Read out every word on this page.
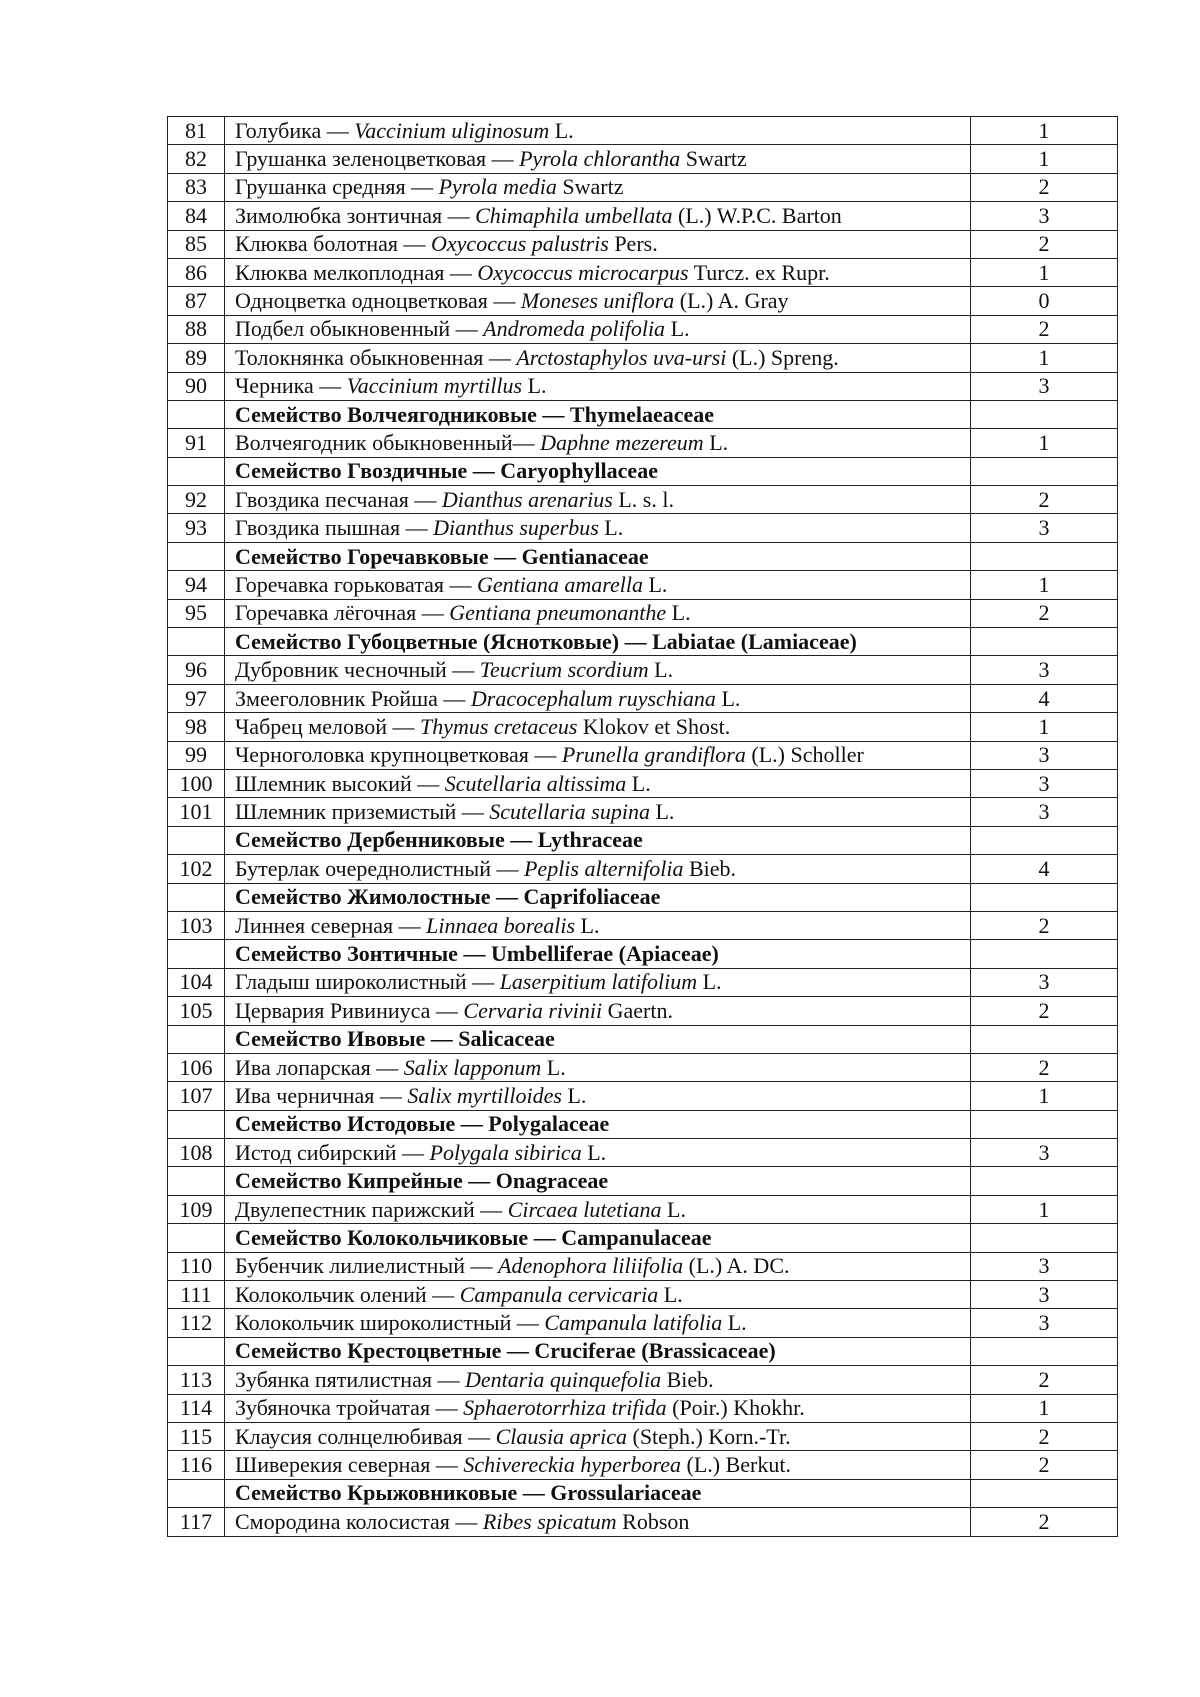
81	Голубика — Vaccinium uliginosum L.	1
82	Грушанка зеленоцветковая — Pyrola chlorantha Swartz	1
83	Грушанка средняя — Pyrola media Swartz	2
84	Зимолюбка зонтичная — Chimaphila umbellata (L.) W.P.C. Barton	3
85	Клюква болотная — Oxycoccus palustris Pers.	2
86	Клюква мелкоплодная — Oxycoccus microcarpus Turcz. ex Rupr.	1
87	Одноцветка одноцветковая — Moneses uniflora (L.) A. Gray	0
88	Подбел обыкновенный — Andromeda polifolia L.	2
89	Толокнянка обыкновенная — Arctostaphylos uva-ursi (L.) Spreng.	1
90	Черника — Vaccinium myrtillus L.	3
	Семейство Волчеягодниковые — Thymelaeaceae	
91	Волчеягодник обыкновенный— Daphne mezereum L.	1
	Семейство Гвоздичные — Caryophyllaceae	
92	Гвоздика песчаная — Dianthus arenarius L. s. l.	2
93	Гвоздика пышная — Dianthus superbus L.	3
	Семейство Горечавковые — Gentianaceae	
94	Горечавка горьковатая — Gentiana amarella L.	1
95	Горечавка лёгочная — Gentiana pneumonanthe L.	2
	Семейство Губоцветные (Яснотковые) — Labiatae (Lamiaceae)	
96	Дубровник чесночный — Teucrium scordium L.	3
97	Змееголовник Рюйша — Dracocephalum ruyschiana L.	4
98	Чабрец меловой — Thymus cretaceus Klokov et Shost.	1
99	Черноголовка крупноцветковая — Prunella grandiflora (L.) Scholler	3
100	Шлемник высокий — Scutellaria altissima L.	3
101	Шлемник приземистый — Scutellaria supina L.	3
	Семейство Дербенниковые — Lythraceae	
102	Бутерлак очереднолистный — Peplis alternifolia Bieb.	4
	Семейство Жимолостные — Caprifoliaceae	
103	Линнея северная — Linnaea borealis L.	2
	Семейство Зонтичные — Umbelliferae (Apiaceae)	
104	Гладыш широколистный — Laserpitium latifolium L.	3
105	Цервария Ривиниуса — Cervaria rivinii Gaertn.	2
	Семейство Ивовые — Salicaceae	
106	Ива лопарская — Salix lapponum L.	2
107	Ива черничная — Salix myrtilloides L.	1
	Семейство Истодовые — Polygalaceae	
108	Истод сибирский — Polygala sibirica L.	3
	Семейство Кипрейные — Onagraceae	
109	Двулепестник парижский — Circaea lutetiana L.	1
	Семейство Колокольчиковые — Campanulaceae	
110	Бубенчик лилиелистный — Adenophora liliifolia (L.) A. DC.	3
111	Колокольчик олений — Campanula cervicaria L.	3
112	Колокольчик широколистный — Campanula latifolia L.	3
	Семейство Крестоцветные — Cruciferae (Brassicaceae)	
113	Зубянка пятилистная — Dentaria quinquefolia Bieb.	2
114	Зубяночка тройчатая — Sphaerotorrhiza trifida (Poir.) Khokhr.	1
115	Клаусия солнцелюбивая — Clausia aprica (Steph.) Korn.-Tr.	2
116	Шиверекия северная — Schivereckia hyperborea (L.) Berkut.	2
	Семейство Крыжовниковые — Grossulariaceae	
117	Смородина колосистая — Ribes spicatum Robson	2
